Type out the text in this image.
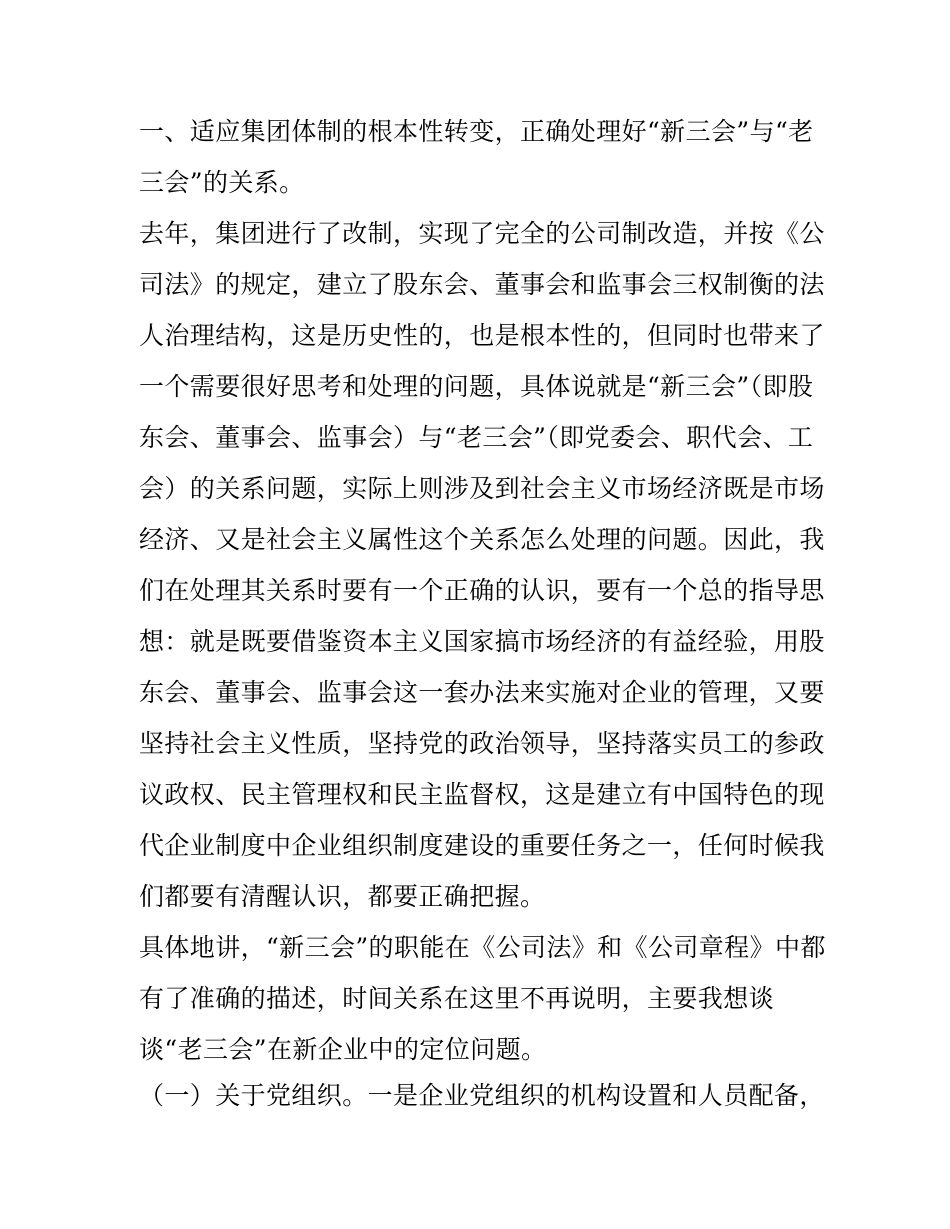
一、适应集团体制的根本性转变，正确处理好“新三会”与“老
三会”的关系。
去年，集团进行了改制，实现了完全的公司制改造，并按《公
司法》的规定，建立了股东会、董事会和监事会三权制衡的法
人治理结构，这是历史性的，也是根本性的，但同时也带来了
一个需要很好思考和处理的问题，具体说就是“新三会”（即股
东会、董事会、监事会）与“老三会”（即党委会、职代会、工
会）的关系问题，实际上则涉及到社会主义市场经济既是市场
经济、又是社会主义属性这个关系怎么处理的问题。因此，我
们在处理其关系时要有一个正确的认识，要有一个总的指导思
想：就是既要借鉴资本主义国家搞市场经济的有益经验，用股
东会、董事会、监事会这一套办法来实施对企业的管理，又要
坚持社会主义性质，坚持党的政治领导，坚持落实员工的参政
议政权、民主管理权和民主监督权，这是建立有中国特色的现
代企业制度中企业组织制度建设的重要任务之一，任何时候我
们都要有清醒认识，都要正确把握。
具体地讲，“新三会”的职能在《公司法》和《公司章程》中都
有了准确的描述，时间关系在这里不再说明，主要我想谈
谈“老三会”在新企业中的定位问题。
（一）关于党组织。一是企业党组织的机构设置和人员配备，
